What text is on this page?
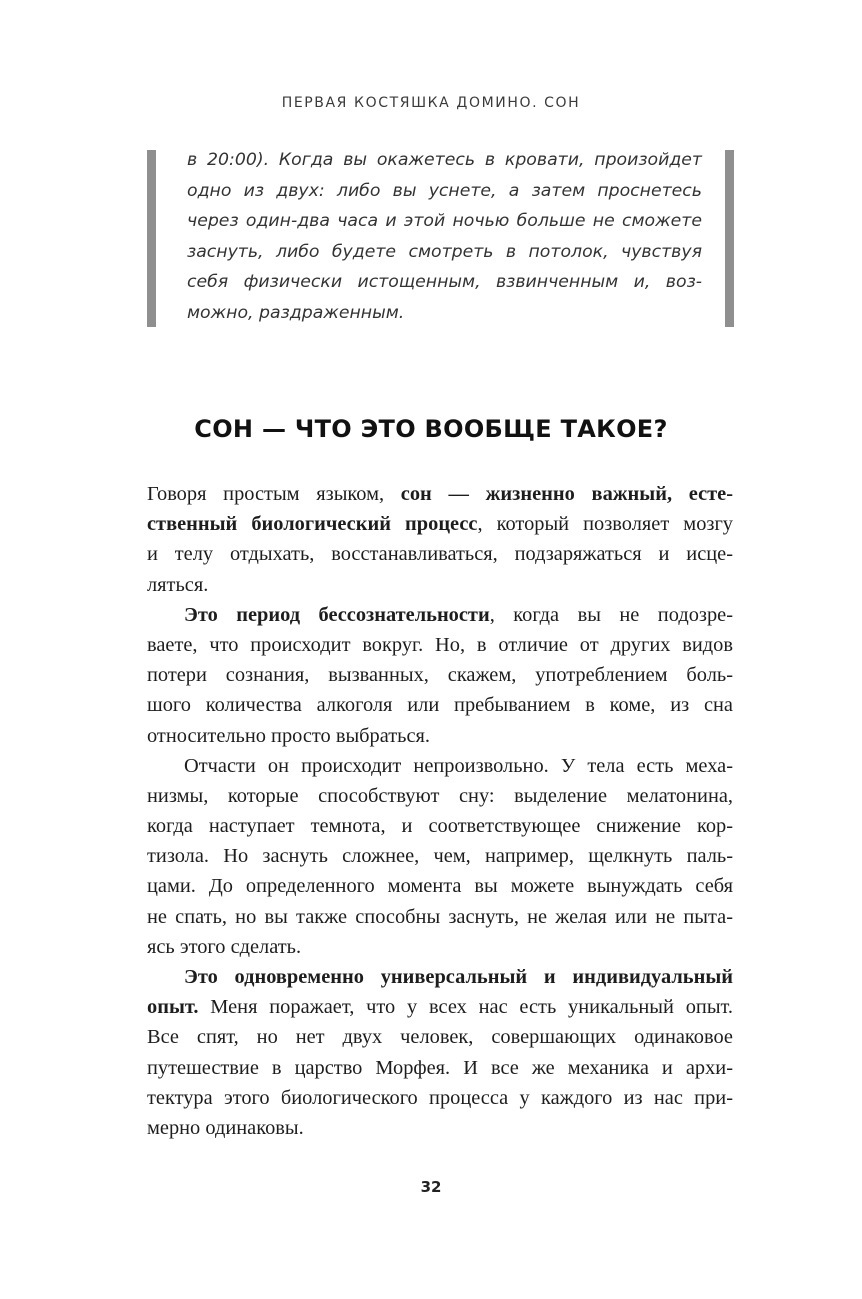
ПЕРВАЯ КОСТЯШКА ДОМИНО. СОН
в 20:00). Когда вы окажетесь в кровати, произойдет
одно из двух: либо вы уснете, а затем проснетесь
через один-два часа и этой ночью больше не сможете
заснуть, либо будете смотреть в потолок, чувствуя
себя физически истощенным, взвинченным и, воз-
можно, раздраженным.
СОН — ЧТО ЭТО ВООБЩЕ ТАКОЕ?
Говоря простым языком, сон — жизненно важный, есте-
ственный биологический процесс, который позволяет мозгу
и телу отдыхать, восстанавливаться, подзаряжаться и исце-
ляться.
Это период бессознательности, когда вы не подозре-
ваете, что происходит вокруг. Но, в отличие от других видов
потери сознания, вызванных, скажем, употреблением боль-
шого количества алкоголя или пребыванием в коме, из сна
относительно просто выбраться.
Отчасти он происходит непроизвольно. У тела есть меха-
низмы, которые способствуют сну: выделение мелатонина,
когда наступает темнота, и соответствующее снижение кор-
тизола. Но заснуть сложнее, чем, например, щелкнуть паль-
цами. До определенного момента вы можете вынуждать себя
не спать, но вы также способны заснуть, не желая или не пыта-
ясь этого сделать.
Это одновременно универсальный и индивидуальный
опыт. Меня поражает, что у всех нас есть уникальный опыт.
Все спят, но нет двух человек, совершающих одинаковое
путешествие в царство Морфея. И все же механика и архи-
тектура этого биологического процесса у каждого из нас при-
мерно одинаковы.
32
